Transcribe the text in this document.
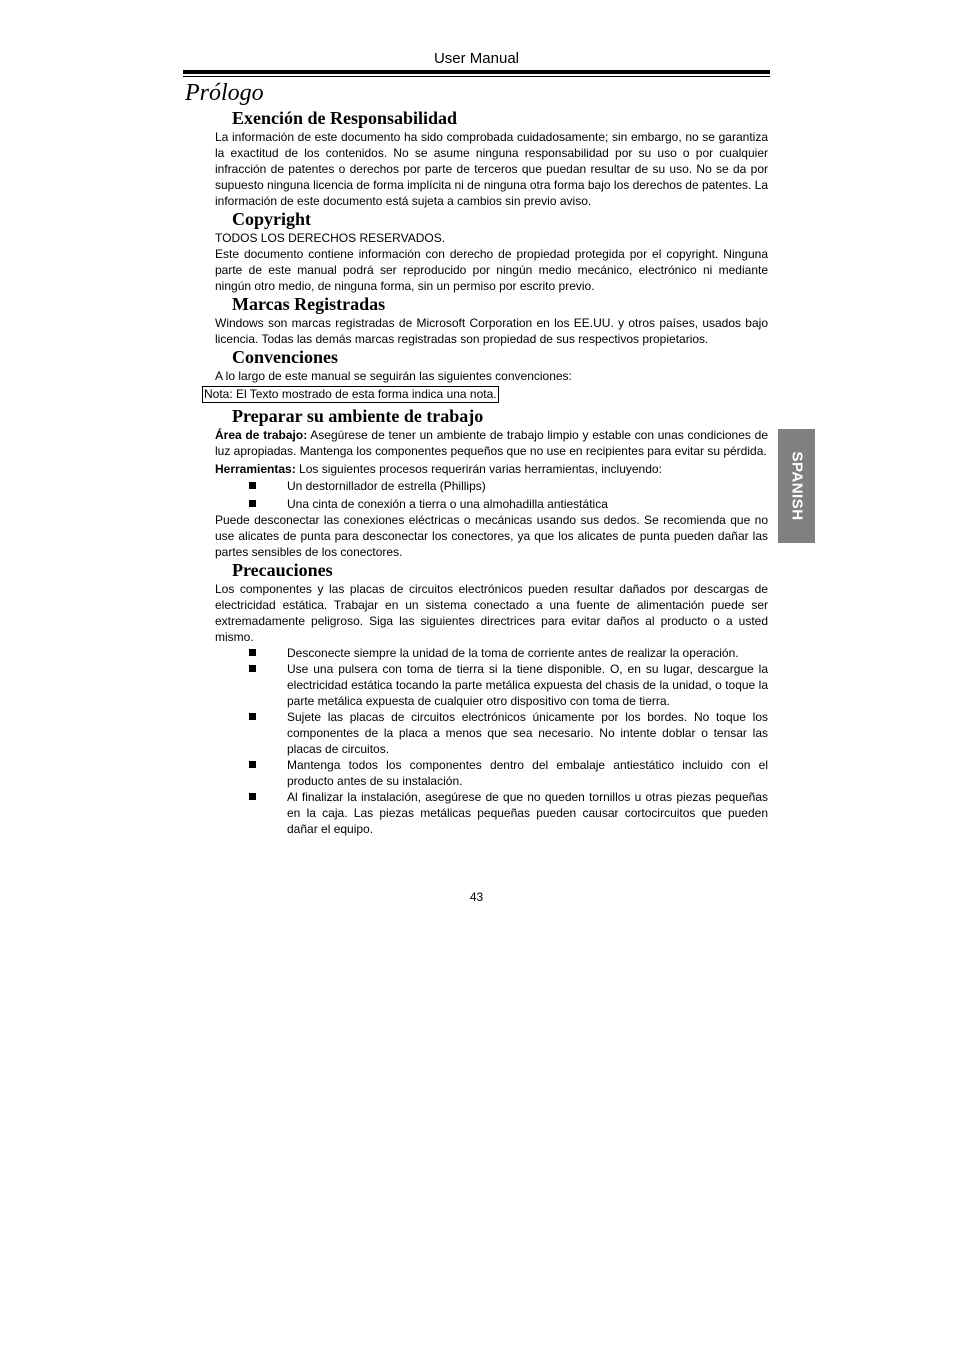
User Manual
Prólogo
Exención de Responsabilidad

La información de este documento ha sido comprobada cuidadosamente; sin embargo, no se garantiza la exactitud de los contenidos. No se asume ninguna responsabilidad por su uso o por cualquier infracción de patentes o derechos por parte de terceros que puedan resultar de su uso. No se da por supuesto ninguna licencia de forma implícita ni de ninguna otra forma bajo los derechos de patentes. La información de este documento está sujeta a cambios sin previo aviso.

Copyright

TODOS LOS DERECHOS RESERVADOS.

Este documento contiene información con derecho de propiedad protegida por el copyright. Ninguna parte de este manual podrá ser reproducido por ningún medio mecánico, electrónico ni mediante ningún otro medio, de ninguna forma, sin un permiso por escrito previo.

Marcas Registradas

Windows son marcas registradas de Microsoft Corporation en los EE.UU. y otros países, usados bajo licencia. Todas las demás marcas registradas son propiedad de sus respectivos propietarios.

Convenciones

A lo largo de este manual se seguirán las siguientes convenciones:

Nota: El Texto mostrado de esta forma indica una nota.
Preparar su ambiente de trabajo

Área de trabajo: Asegúrese de tener un ambiente de trabajo limpio y estable con unas condiciones de luz apropiadas. Mantenga los componentes pequeños que no use en recipientes para evitar su pérdida.

Herramientas: Los siguientes procesos requerirán varias herramientas, incluyendo:

Un destornillador de estrella (Phillips)
Una cinta de conexión a tierra o una almohadilla antiestática

Puede desconectar las conexiones eléctricas o mecánicas usando sus dedos. Se recomienda que no use alicates de punta para desconectar los conectores, ya que los alicates de punta pueden dañar las partes sensibles de los conectores.

Precauciones

Los componentes y las placas de circuitos electrónicos pueden resultar dañados por descargas de electricidad estática. Trabajar en un sistema conectado a una fuente de alimentación puede ser extremadamente peligroso. Siga las siguientes directrices para evitar daños al producto o a usted mismo.

Desconecte siempre la unidad de la toma de corriente antes de realizar la operación.
Use una pulsera con toma de tierra si la tiene disponible. O, en su lugar, descargue la electricidad estática tocando la parte metálica expuesta del chasis de la unidad, o toque la parte metálica expuesta de cualquier otro dispositivo con toma de tierra.
Sujete las placas de circuitos electrónicos únicamente por los bordes. No toque los componentes de la placa a menos que sea necesario. No intente doblar o tensar las placas de circuitos.
Mantenga todos los componentes dentro del embalaje antiestático incluido con el producto antes de su instalación.
Al finalizar la instalación, asegúrese de que no queden tornillos u otras piezas pequeñas en la caja. Las piezas metálicas pequeñas pueden causar cortocircuitos que pueden dañar el equipo.
SPANISH
43
